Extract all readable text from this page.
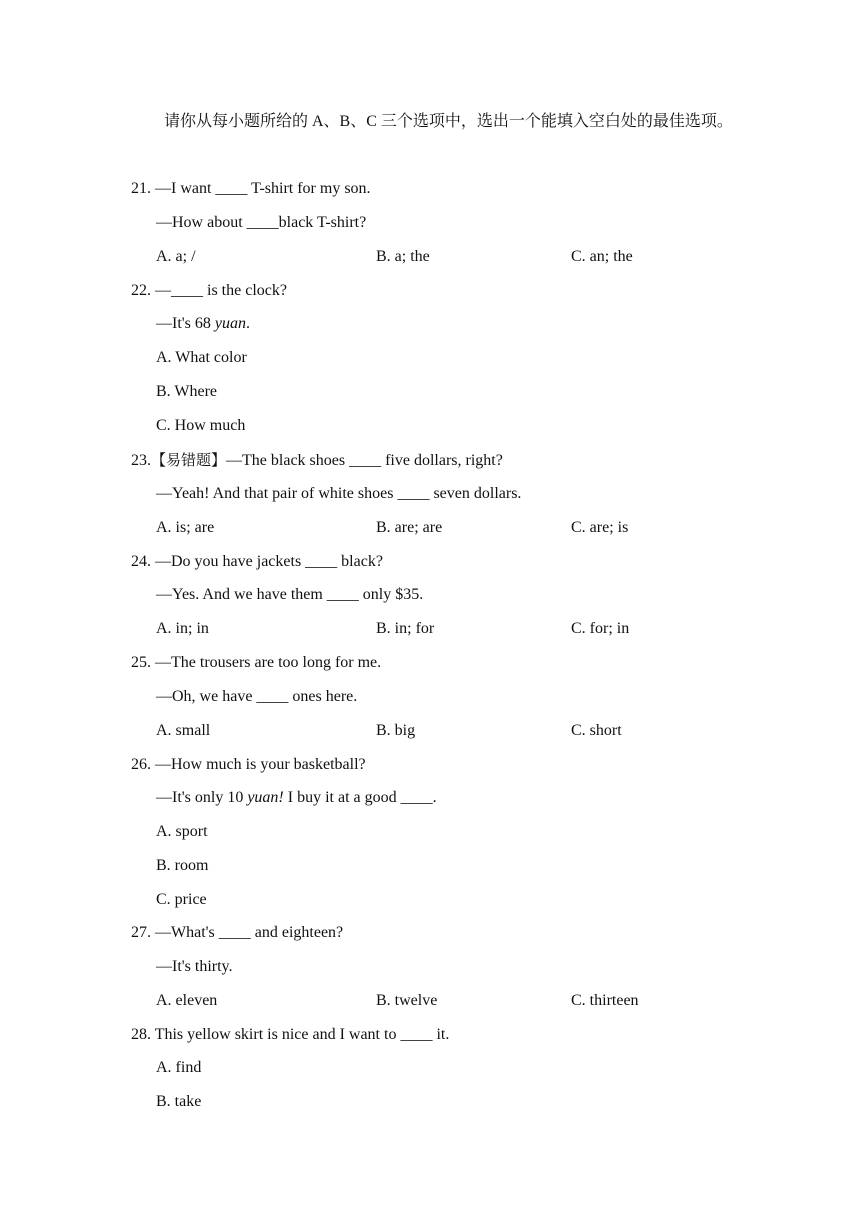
请你从每小题所给的 A、B、C 三个选项中，选出一个能填入空白处的最佳选项。
21. —I want ____ T-shirt for my son.
—How about ____black T-shirt?
A. a; /	B. a; the	C. an; the
22. —____ is the clock?
—It's 68 yuan.
A. What color
B. Where
C. How much
23.【易错题】—The black shoes ____ five dollars, right?
—Yeah! And that pair of white shoes ____ seven dollars.
A. is; are	B. are; are	C. are; is
24. —Do you have jackets ____ black?
—Yes. And we have them ____ only $35.
A. in; in	B. in; for	C. for; in
25. —The trousers are too long for me.
—Oh, we have ____ ones here.
A. small	B. big	C. short
26. —How much is your basketball?
—It's only 10 yuan! I buy it at a good ____.
A. sport
B. room
C. price
27. —What's ____ and eighteen?
—It's thirty.
A. eleven	B. twelve	C. thirteen
28. This yellow skirt is nice and I want to ____ it.
A. find
B. take
